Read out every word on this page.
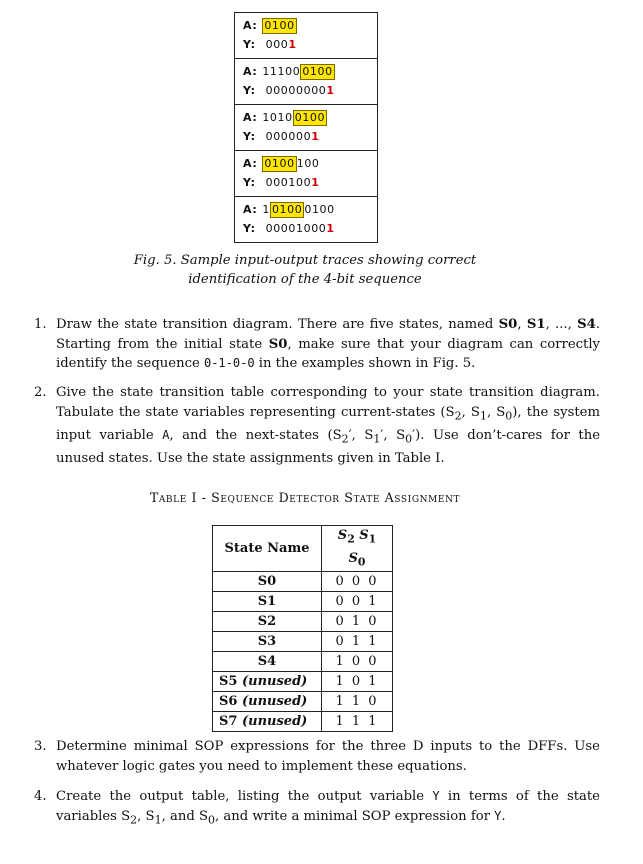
A: 0100
Y: 000 1
A: 11100 0100
Y: 00000000 1
A: 1010 0100
Y: 000000 1
A: 0100 100
Y: 000100 1
A: 1 0100 0100
Y: 00001000 1
Fig. 5. Sample input-output traces showing correct
identification of the 4-bit sequence
1. Draw the state transition diagram. There are five states, named S0, S1, ..., S4. Starting from the initial state S0, make sure that your diagram can correctly identify the sequence 0-1-0-0 in the examples shown in Fig. 5.
2. Give the state transition table corresponding to your state transition diagram. Tabulate the state variables representing current-states ($S_2$, $S_1$, $S_0$), the system input variable A, and the next-states ($S_2'$, $S_1'$, $S_0'$). Use don’t-cares for the unused states. Use the state assignments given in Table I.
Table I - Sequence Detector State Assignment
State Name	$S_2$ $S_1$ $S_0$
S0	0 0 0
S1	0 0 1
S2	0 1 0
S3	0 1 1
S4	1 0 0
S5 (unused)	1 0 1
S6 (unused)	1 1 0
S7 (unused)	1 1 1
3. Determine minimal SOP expressions for the three D inputs to the DFFs. Use whatever logic gates you need to implement these equations.
4. Create the output table, listing the output variable Y in terms of the state variables $S_2$, $S_1$, and $S_0$, and write a minimal SOP expression for Y.
